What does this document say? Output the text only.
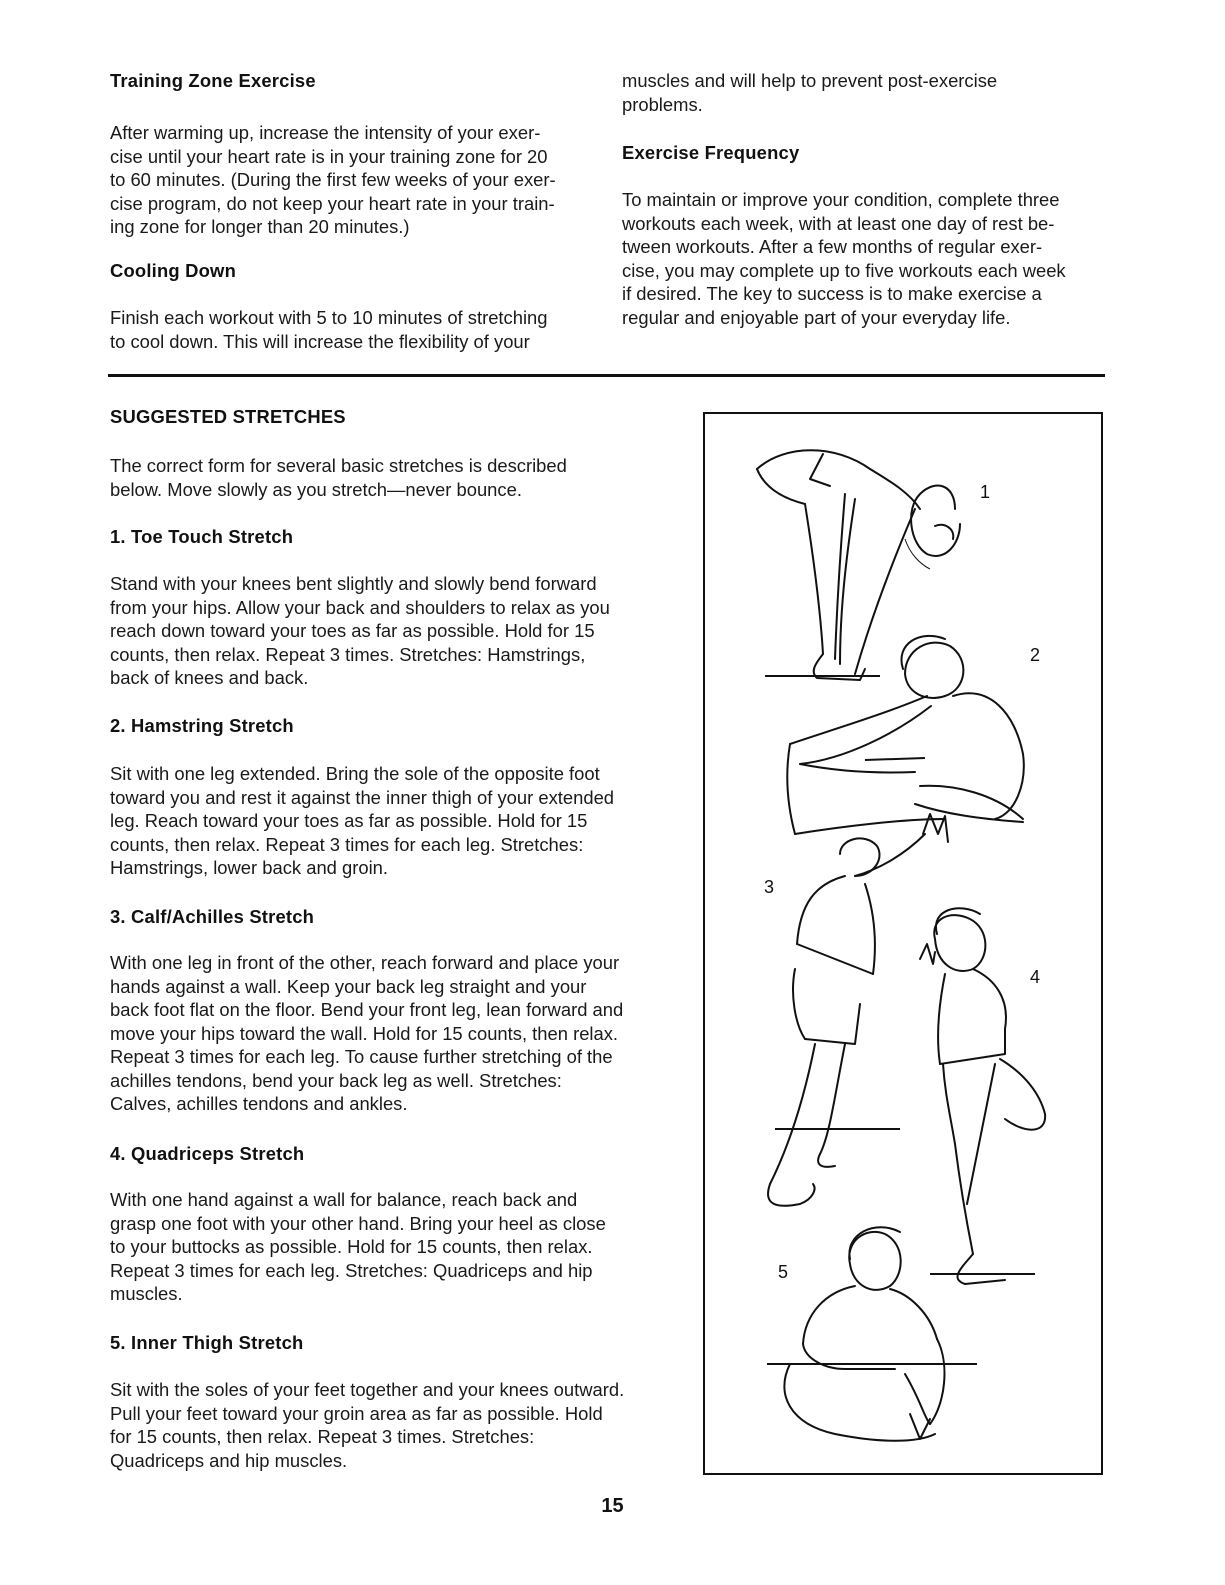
Training Zone Exercise

After warming up, increase the intensity of your exer-
cise until your heart rate is in your training zone for 20
to 60 minutes. (During the first few weeks of your exer-
cise program, do not keep your heart rate in your train-
ing zone for longer than 20 minutes.)

Cooling Down

Finish each workout with 5 to 10 minutes of stretching
to cool down. This will increase the flexibility of your

muscles and will help to prevent post-exercise
problems.

Exercise Frequency

To maintain or improve your condition, complete three
workouts each week, with at least one day of rest be-
tween workouts. After a few months of regular exer-
cise, you may complete up to five workouts each week
if desired. The key to success is to make exercise a
regular and enjoyable part of your everyday life.

SUGGESTED STRETCHES

The correct form for several basic stretches is described
below. Move slowly as you stretch—never bounce.

1. Toe Touch Stretch

Stand with your knees bent slightly and slowly bend forward
from your hips. Allow your back and shoulders to relax as you
reach down toward your toes as far as possible. Hold for 15
counts, then relax. Repeat 3 times. Stretches: Hamstrings,
back of knees and back.

2. Hamstring Stretch

Sit with one leg extended. Bring the sole of the opposite foot
toward you and rest it against the inner thigh of your extended
leg. Reach toward your toes as far as possible. Hold for 15
counts, then relax. Repeat 3 times for each leg. Stretches:
Hamstrings, lower back and groin.

3. Calf/Achilles Stretch

With one leg in front of the other, reach forward and place your
hands against a wall. Keep your back leg straight and your
back foot flat on the floor. Bend your front leg, lean forward and
move your hips toward the wall. Hold for 15 counts, then relax.
Repeat 3 times for each leg. To cause further stretching of the
achilles tendons, bend your back leg as well. Stretches:
Calves, achilles tendons and ankles.

4. Quadriceps Stretch

With one hand against a wall for balance, reach back and
grasp one foot with your other hand. Bring your heel as close
to your buttocks as possible. Hold for 15 counts, then relax.
Repeat 3 times for each leg. Stretches: Quadriceps and hip
muscles.

5. Inner Thigh Stretch

Sit with the soles of your feet together and your knees outward.
Pull your feet toward your groin area as far as possible. Hold
for 15 counts, then relax. Repeat 3 times. Stretches:
Quadriceps and hip muscles.

1
2
3
4
5
15
